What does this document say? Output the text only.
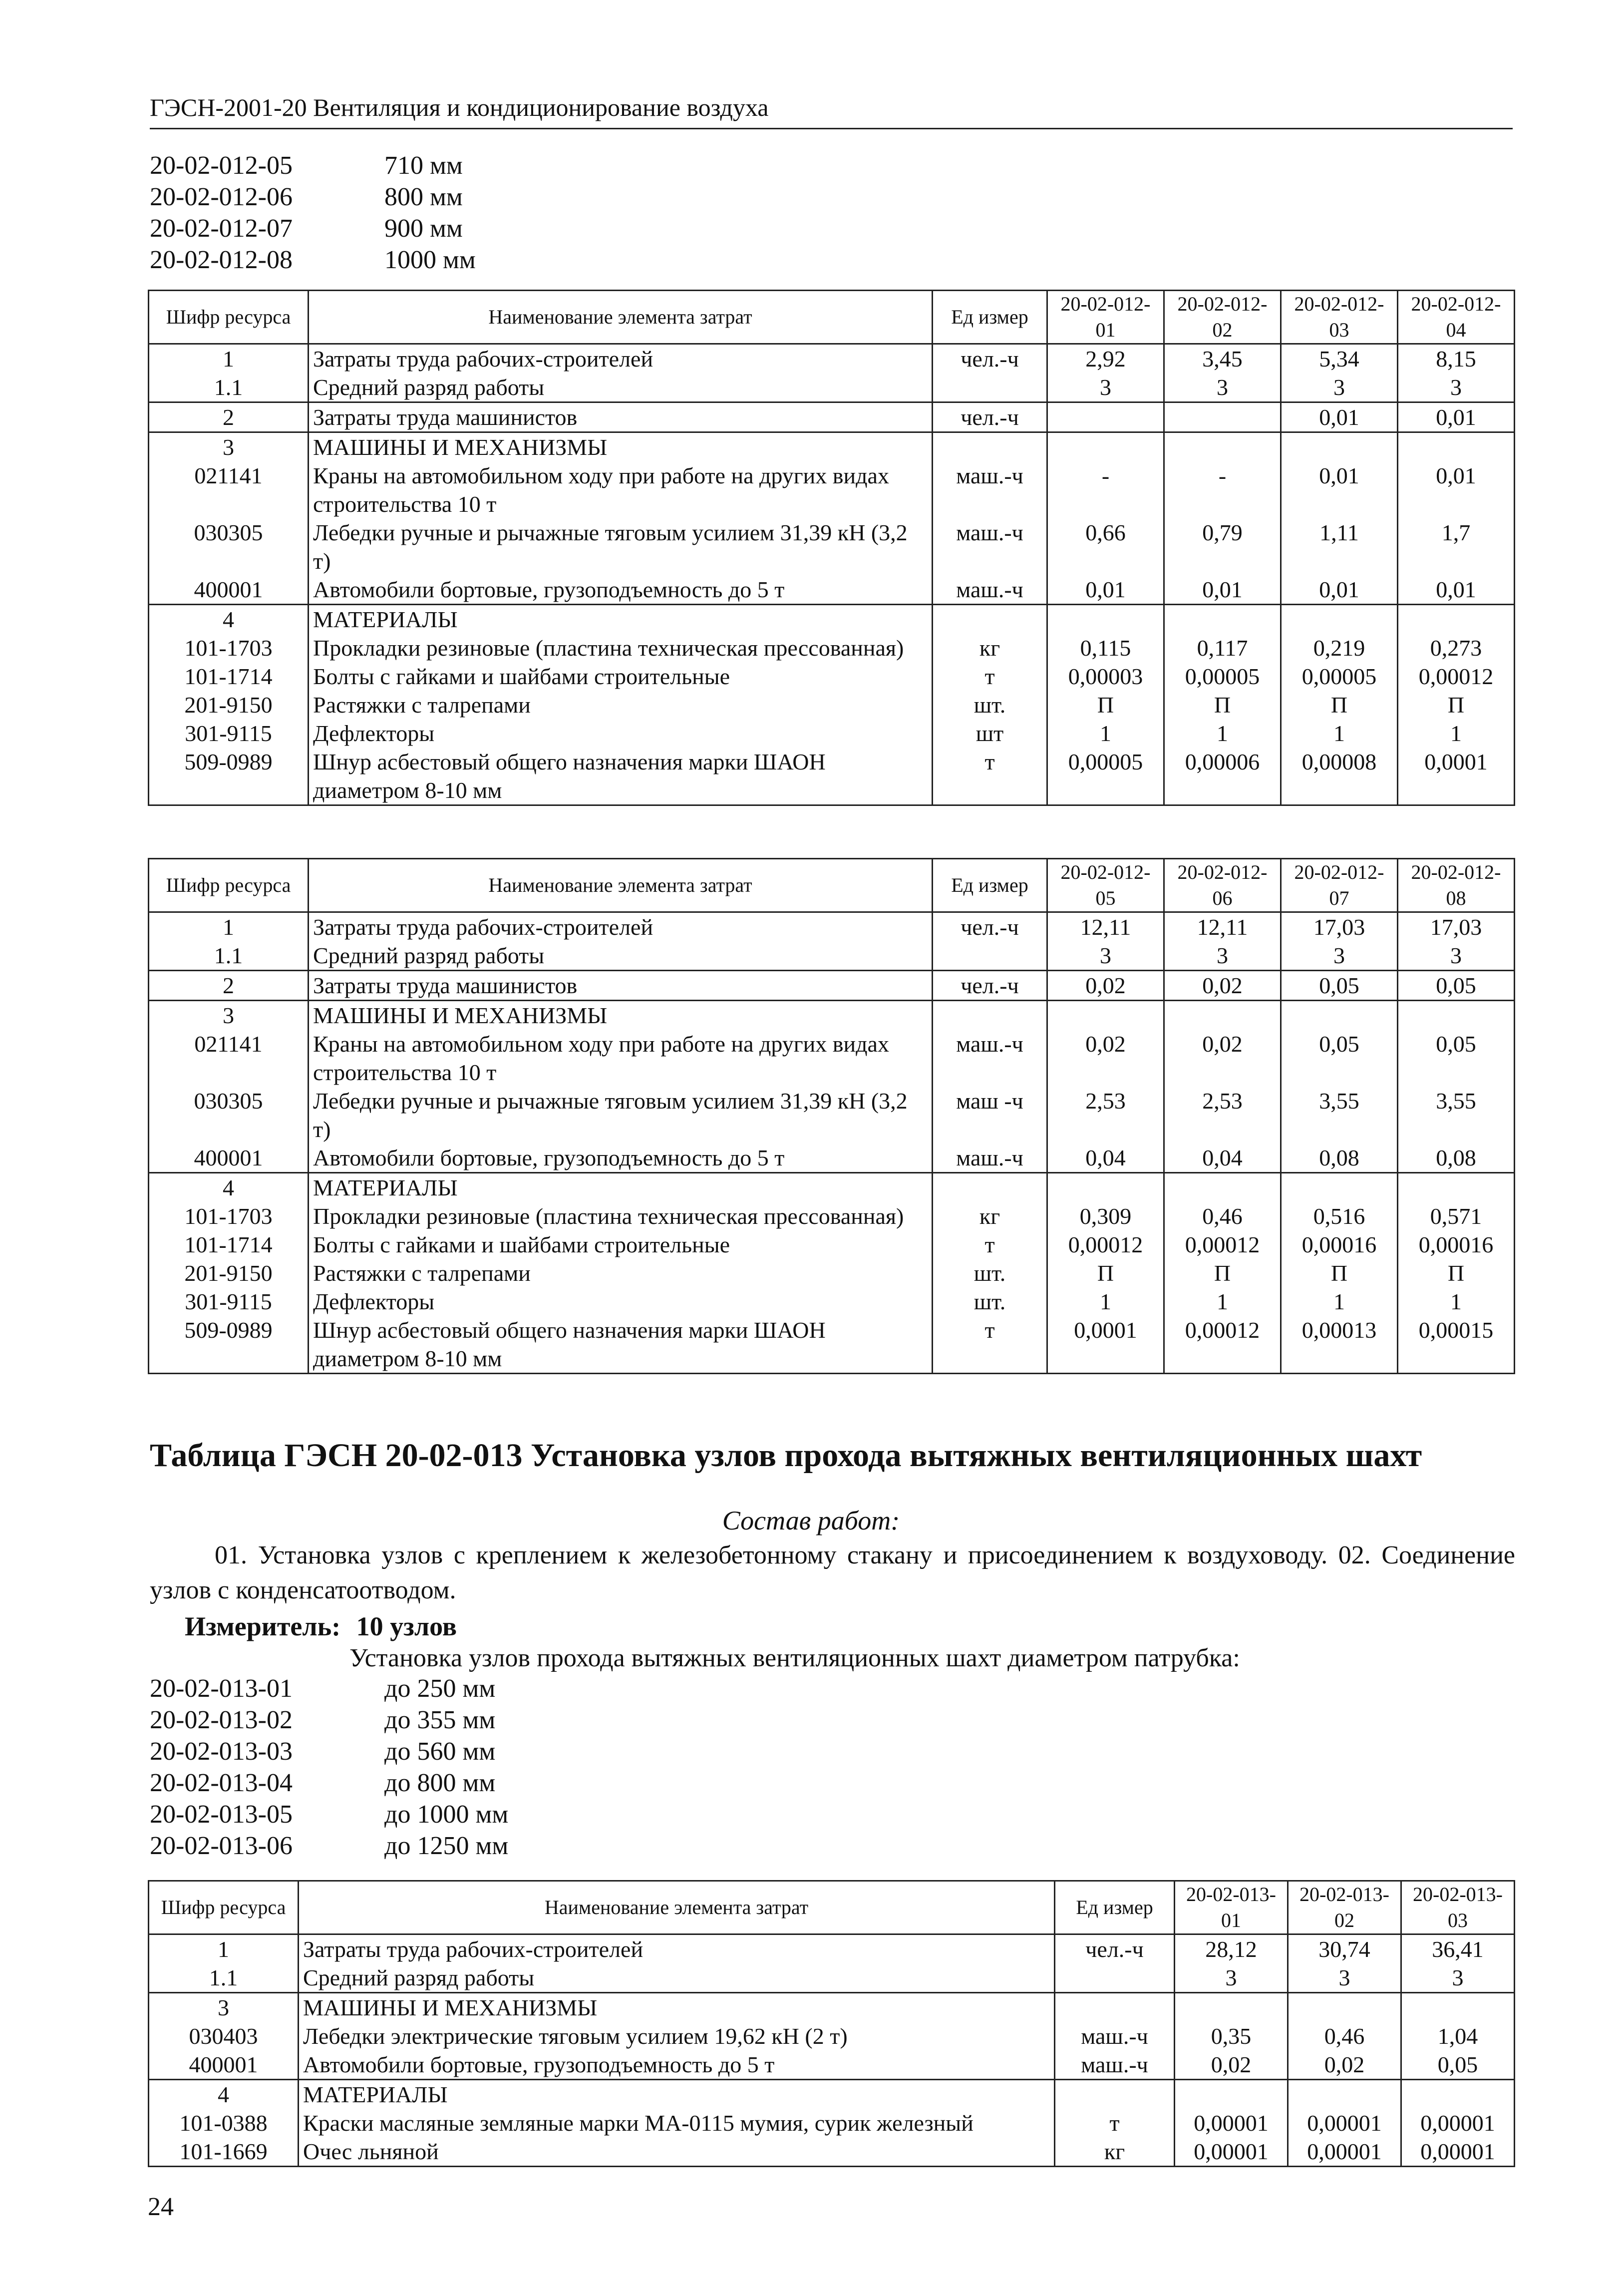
ГЭСН-2001-20 Вентиляция и кондиционирование воздуха
20-02-012-05	710 мм
20-02-012-06	800 мм
20-02-012-07	900 мм
20-02-012-08	1000 мм
Шифр ресурса	Наименование элемента затрат	Ед измер	20-02-012-01	20-02-012-02	20-02-012-03	20-02-012-04
1	Затраты труда рабочих-строителей	чел.-ч	2,92	3,45	5,34	8,15
1.1	Средний разряд работы		3	3	3	3
2	Затраты труда машинистов	чел.-ч			0,01	0,01
3	МАШИНЫ И МЕХАНИЗМЫ					
021141	Краны на автомобильном ходу при работе на других видах строительства 10 т	маш.-ч	-	-	0,01	0,01
030305	Лебедки ручные и рычажные тяговым усилием 31,39 кН (3,2 т)	маш.-ч	0,66	0,79	1,11	1,7
400001	Автомобили бортовые, грузоподъемность до 5 т	маш.-ч	0,01	0,01	0,01	0,01
4	МАТЕРИАЛЫ					
101-1703	Прокладки резиновые (пластина техническая прессованная)	кг	0,115	0,117	0,219	0,273
101-1714	Болты с гайками и шайбами строительные	т	0,00003	0,00005	0,00005	0,00012
201-9150	Растяжки с талрепами	шт.	П	П	П	П
301-9115	Дефлекторы	шт	1	1	1	1
509-0989	Шнур асбестовый общего назначения марки ШАОН диаметром 8-10 мм	т	0,00005	0,00006	0,00008	0,0001
Шифр ресурса	Наименование элемента затрат	Ед измер	20-02-012-05	20-02-012-06	20-02-012-07	20-02-012-08
1	Затраты труда рабочих-строителей	чел.-ч	12,11	12,11	17,03	17,03
1.1	Средний разряд работы		3	3	3	3
2	Затраты труда машинистов	чел.-ч	0,02	0,02	0,05	0,05
3	МАШИНЫ И МЕХАНИЗМЫ					
021141	Краны на автомобильном ходу при работе на других видах строительства 10 т	маш.-ч	0,02	0,02	0,05	0,05
030305	Лебедки ручные и рычажные тяговым усилием 31,39 кН (3,2 т)	маш -ч	2,53	2,53	3,55	3,55
400001	Автомобили бортовые, грузоподъемность до 5 т	маш.-ч	0,04	0,04	0,08	0,08
4	МАТЕРИАЛЫ					
101-1703	Прокладки резиновые (пластина техническая прессованная)	кг	0,309	0,46	0,516	0,571
101-1714	Болты с гайками и шайбами строительные	т	0,00012	0,00012	0,00016	0,00016
201-9150	Растяжки с талрепами	шт.	П	П	П	П
301-9115	Дефлекторы	шт.	1	1	1	1
509-0989	Шнур асбестовый общего назначения марки ШАОН диаметром 8-10 мм	т	0,0001	0,00012	0,00013	0,00015
Таблица ГЭСН 20-02-013 Установка узлов прохода вытяжных вентиляционных шахт
Состав работ:
01. Установка узлов с креплением к железобетонному стакану и присоединением к воздуховоду. 02. Соединение узлов с конденсатоотводом.
Измеритель: 10 узлов
Установка узлов прохода вытяжных вентиляционных шахт диаметром патрубка:
20-02-013-01	до 250 мм
20-02-013-02	до 355 мм
20-02-013-03	до 560 мм
20-02-013-04	до 800 мм
20-02-013-05	до 1000 мм
20-02-013-06	до 1250 мм
Шифр ресурса	Наименование элемента затрат	Ед измер	20-02-013-01	20-02-013-02	20-02-013-03
1	Затраты труда рабочих-строителей	чел.-ч	28,12	30,74	36,41
1.1	Средний разряд работы		3	3	3
3	МАШИНЫ И МЕХАНИЗМЫ				
030403	Лебедки электрические тяговым усилием 19,62 кН (2 т)	маш.-ч	0,35	0,46	1,04
400001	Автомобили бортовые, грузоподъемность до 5 т	маш.-ч	0,02	0,02	0,05
4	МАТЕРИАЛЫ				
101-0388	Краски масляные земляные марки МА-0115 мумия, сурик железный	т	0,00001	0,00001	0,00001
101-1669	Очес льняной	кг	0,00001	0,00001	0,00001
24
